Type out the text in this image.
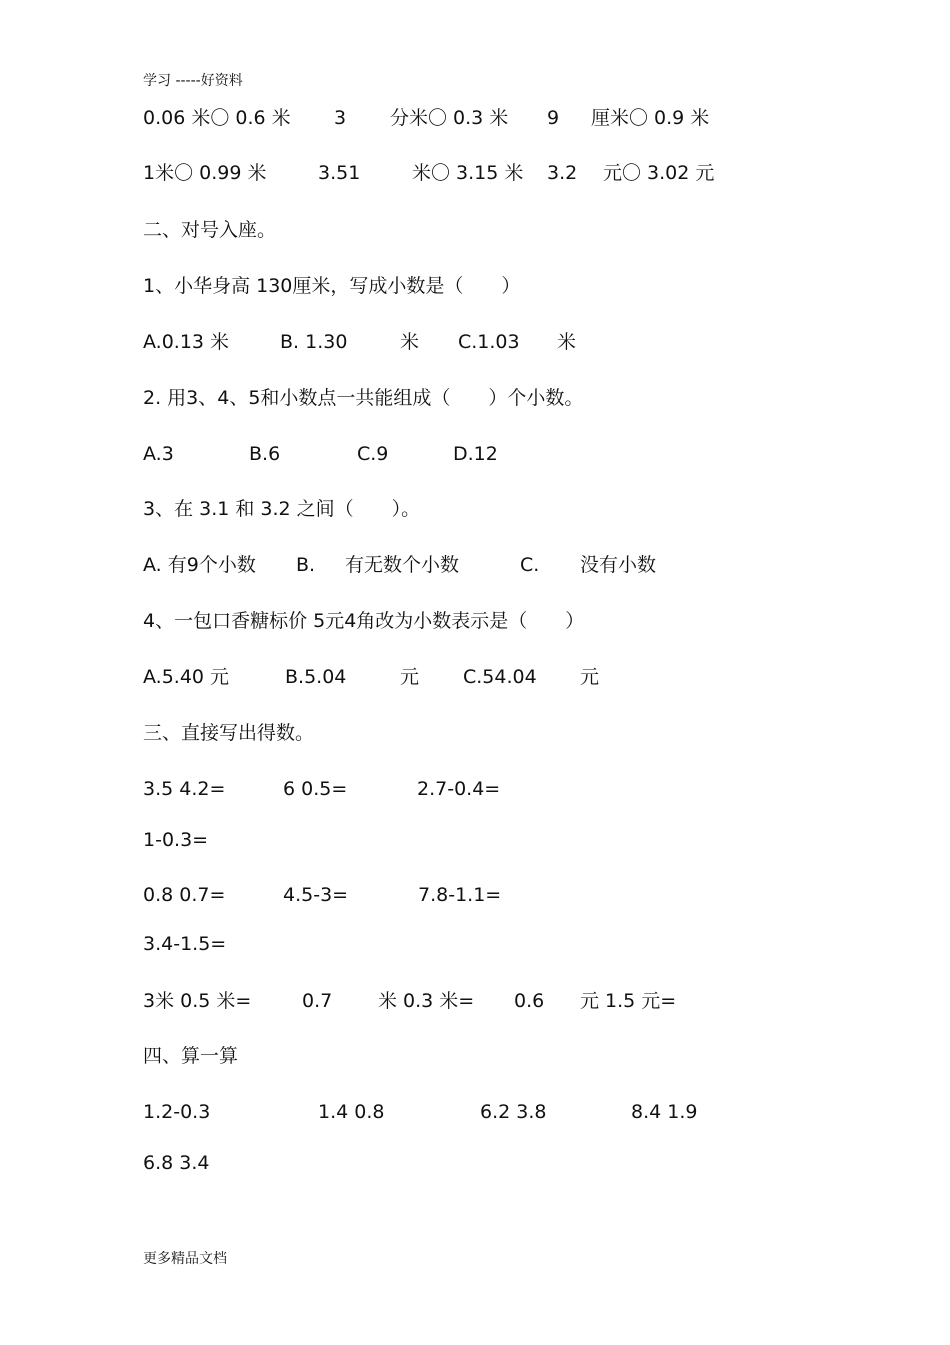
学习 -----好资料
0.06 米〇 0.6 米 3 分米〇 0.3 米 9 厘米〇 0.9 米
1米〇 0.99 米	3.51	米〇 3.15 米 3.2 元〇 3.02 元
二、对号入座。
1、小华身高 130厘米，写成小数是（　　）
A.0.13 米	B. 1.30	米 C.1.03 米
2. 用3、4、5和小数点一共能组成（　　）个小数。
A.3	B.6	C.9	D.12
3、在 3.1 和 3.2 之间（　　）。
A. 有9个小数 B. 有无数个小数	C. 没有小数
4、一包口香糖标价 5元4角改为小数表示是（　　）
A.5.40 元	B.5.04	元 C.54.04 元
三、直接写出得数。
3.5 4.2=	6 0.5=	2.7-0.4=
1-0.3=
0.8 0.7=	4.5-3=	7.8-1.1=
3.4-1.5=
3米 0.5 米=	0.7 米 0.3 米= 0.6 元 1.5 元=
四、算一算
1.2-0.3	1.4 0.8	6.2 3.8	8.4 1.9
6.8 3.4
更多精品文档
